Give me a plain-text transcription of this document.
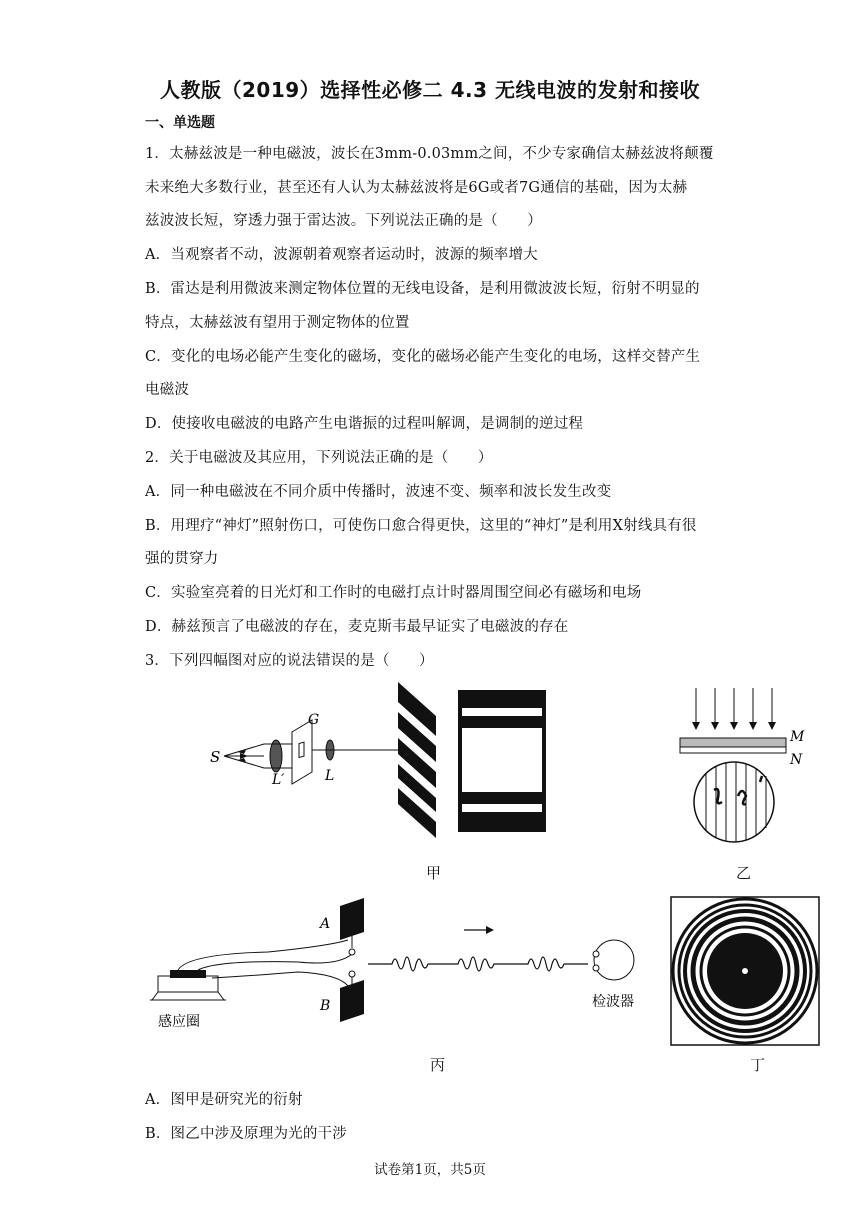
人教版（2019）选择性必修二 4.3 无线电波的发射和接收
一、单选题
1．太赫兹波是一种电磁波，波长在3mm-0.03mm之间，不少专家确信太赫兹波将颠覆
未来绝大多数行业，甚至还有人认为太赫兹波将是6G或者7G通信的基础，因为太赫
兹波波长短，穿透力强于雷达波。下列说法正确的是（　　）
A．当观察者不动，波源朝着观察者运动时，波源的频率增大
B．雷达是利用微波来测定物体位置的无线电设备，是利用微波波长短，衍射不明显的
特点，太赫兹波有望用于测定物体的位置
C．变化的电场必能产生变化的磁场，变化的磁场必能产生变化的电场，这样交替产生
电磁波
D．使接收电磁波的电路产生电谐振的过程叫解调，是调制的逆过程
2．关于电磁波及其应用，下列说法正确的是（　　）
A．同一种电磁波在不同介质中传播时，波速不变、频率和波长发生改变
B．用理疗“神灯”照射伤口，可使伤口愈合得更快，这里的“神灯”是利用X射线具有很
强的贯穿力
C．实验室亮着的日光灯和工作时的电磁打点计时器周围空间必有磁场和电场
D．赫兹预言了电磁波的存在，麦克斯韦最早证实了电磁波的存在
3．下列四幅图对应的说法错误的是（　　）
S
L′
G
L
甲
M
N
乙
感应圈
A
B	检波器
丙	丁
A．图甲是研究光的衍射
B．图乙中涉及原理为光的干涉
试卷第1页，共5页
